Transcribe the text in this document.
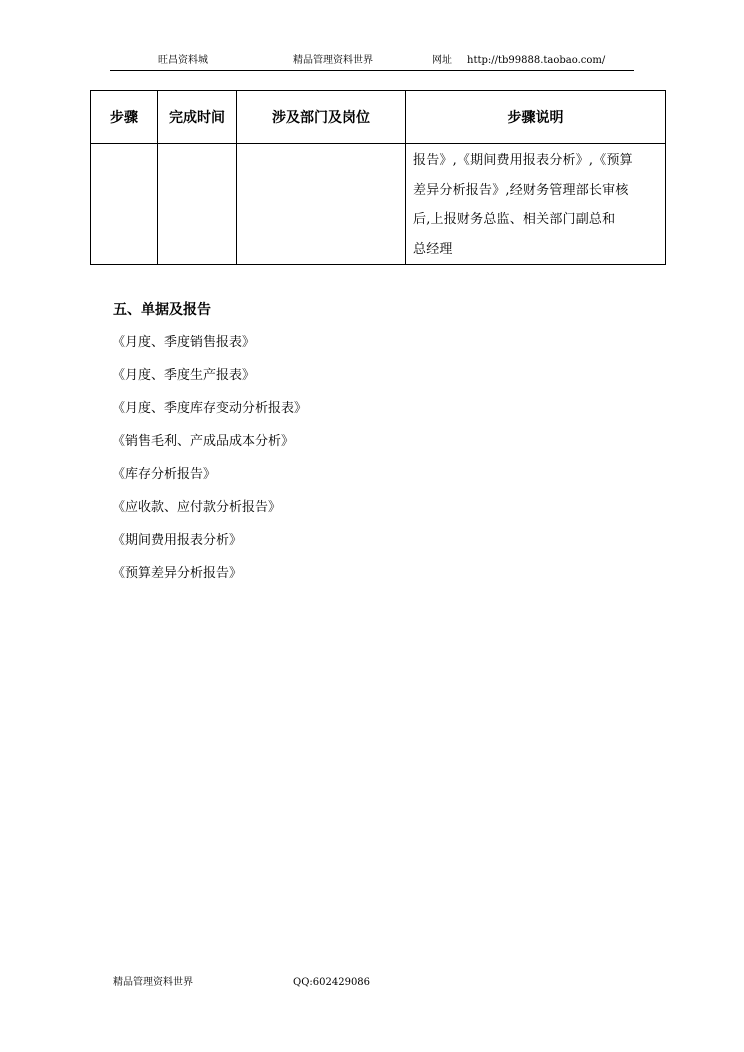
旺昌资料城	精品管理资料世界	网址 http://tb99888.taobao.com/
步骤	完成时间	涉及部门及岗位	步骤说明

			报告》,《期间费用报表分析》,《预算
差异分析报告》,经财务管理部长审核
后,上报财务总监、相关部门副总和
总经理
五、单据及报告
《月度、季度销售报表》
《月度、季度生产报表》
《月度、季度库存变动分析报表》
《销售毛利、产成品成本分析》
《库存分析报告》
《应收款、应付款分析报告》
《期间费用报表分析》
《预算差异分析报告》
精品管理资料世界	QQ:602429086
